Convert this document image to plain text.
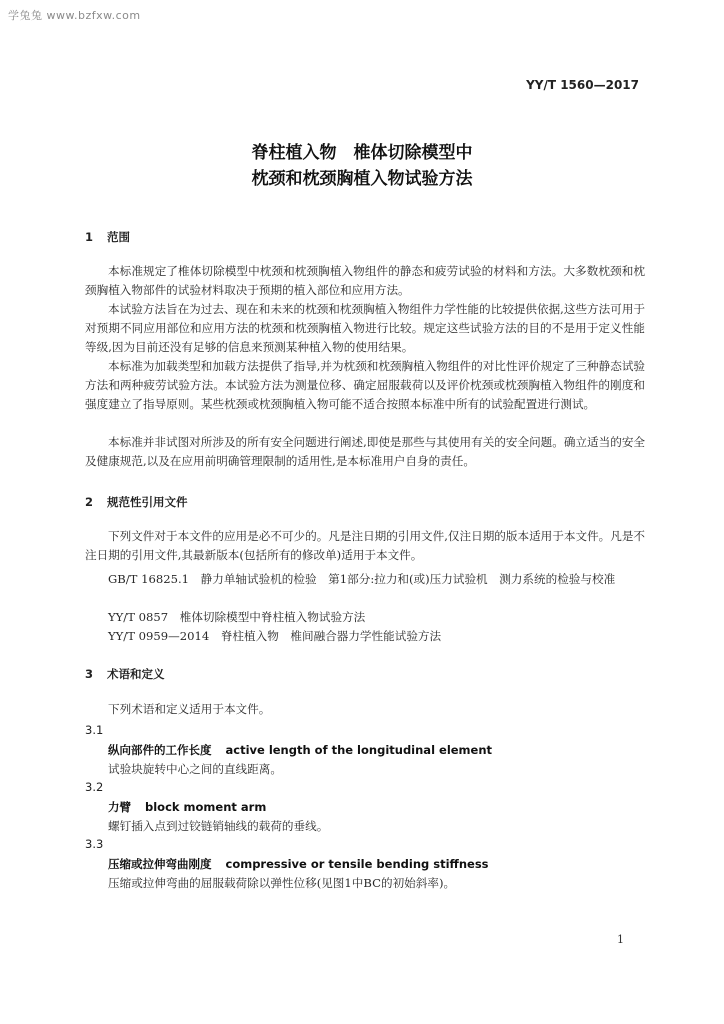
学兔兔 www.bzfxw.com
YY/T 1560—2017
脊柱植入物　椎体切除模型中
枕颈和枕颈胸植入物试验方法
1 范围

本标准规定了椎体切除模型中枕颈和枕颈胸植入物组件的静态和疲劳试验的材料和方法。大多数枕颈和枕颈胸植入物部件的试验材料取决于预期的植入部位和应用方法。

本试验方法旨在为过去、现在和未来的枕颈和枕颈胸植入物组件力学性能的比较提供依据,这些方法可用于对预期不同应用部位和应用方法的枕颈和枕颈胸植入物进行比较。规定这些试验方法的目的不是用于定义性能等级,因为目前还没有足够的信息来预测某种植入物的使用结果。

本标准为加载类型和加载方法提供了指导,并为枕颈和枕颈胸植入物组件的对比性评价规定了三种静态试验方法和两种疲劳试验方法。本试验方法为测量位移、确定屈服载荷以及评价枕颈或枕颈胸植入物组件的刚度和强度建立了指导原则。某些枕颈或枕颈胸植入物可能不适合按照本标准中所有的试验配置进行测试。

本标准并非试图对所涉及的所有安全问题进行阐述,即使是那些与其使用有关的安全问题。确立适当的安全及健康规范,以及在应用前明确管理限制的适用性,是本标准用户自身的责任。

2 规范性引用文件

下列文件对于本文件的应用是必不可少的。凡是注日期的引用文件,仅注日期的版本适用于本文件。凡是不注日期的引用文件,其最新版本(包括所有的修改单)适用于本文件。

GB/T 16825.1　静力单轴试验机的检验　第1部分:拉力和(或)压力试验机　测力系统的检验与校准

YY/T 0857　椎体切除模型中脊柱植入物试验方法

YY/T 0959—2014　脊柱植入物　椎间融合器力学性能试验方法

3 术语和定义

下列术语和定义适用于本文件。

3.1
纵向部件的工作长度 active length of the longitudinal element
试验块旋转中心之间的直线距离。
3.2
力臂 block moment arm
螺钉插入点到过铰链销轴线的载荷的垂线。
3.3
压缩或拉伸弯曲刚度 compressive or tensile bending stiffness
压缩或拉伸弯曲的屈服载荷除以弹性位移(见图1中BC的初始斜率)。
1
